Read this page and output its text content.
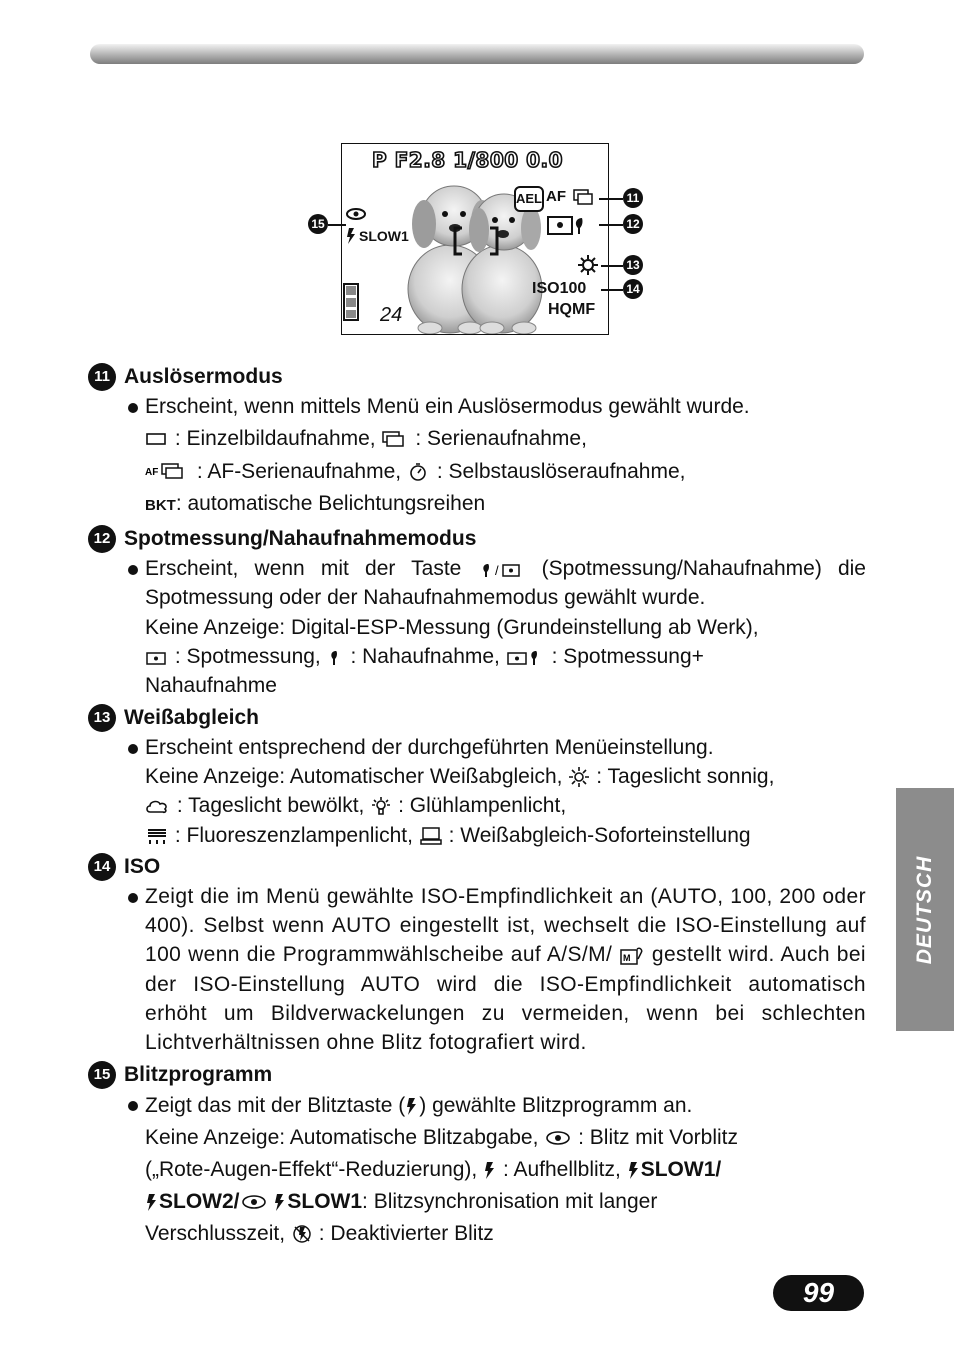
P F2.8 1/800 0.0
AEL AF
SLOW1
ISO100
HQMF
24
11
12
13
14
15
11 Auslösermodus
Erscheint, wenn mittels Menü ein Auslösermodus gewählt wurde.
: Einzelbildaufnahme, : Serienaufnahme,
AF : AF-Serienaufnahme, : Selbstauslöseraufnahme,
BKT: automatische Belichtungsreihen
12 Spotmessung/Nahaufnahmemodus
Erscheint, wenn mit der Taste	/ (Spotmessung/Nahaufnahme) die Spotmessung oder der Nahaufnahmemodus gewählt wurde.
Keine Anzeige: Digital-ESP-Messung (Grundeinstellung ab Werk),
: Spotmessung, : Nahaufnahme, : Spotmessung+
Nahaufnahme
13 Weißabgleich
Erscheint entsprechend der durchgeführten Menüeinstellung.
Keine Anzeige: Automatischer Weißabgleich, : Tageslicht sonnig,
: Tageslicht bewölkt, : Glühlampenlicht,
: Fluoreszenzlampenlicht, : Weißabgleich-Soforteinstellung
14 ISO
Zeigt die im Menü gewählte ISO-Empfindlichkeit an (AUTO, 100, 200 oder 400). Selbst wenn AUTO eingestellt ist, wechselt die ISO-Einstellung auf 100 wenn die Programmwählscheibe auf A/S/M/ M gestellt wird. Auch bei der ISO-Einstellung AUTO wird die ISO-Empfindlichkeit automatisch erhöht um Bildverwackelungen zu vermeiden, wenn bei schlechten Lichtverhältnissen ohne Blitz fotografiert wird.
15 Blitzprogramm
Zeigt das mit der Blitztaste ( ) gewählte Blitzprogramm an.
Keine Anzeige: Automatische Blitzabgabe, : Blitz mit Vorblitz
(„Rote-Augen-Effekt“-Reduzierung), : Aufhellblitz, SLOW1/
SLOW2/ SLOW1: Blitzsynchronisation mit langer
Verschlusszeit, : Deaktivierter Blitz
DEUTSCH
99
